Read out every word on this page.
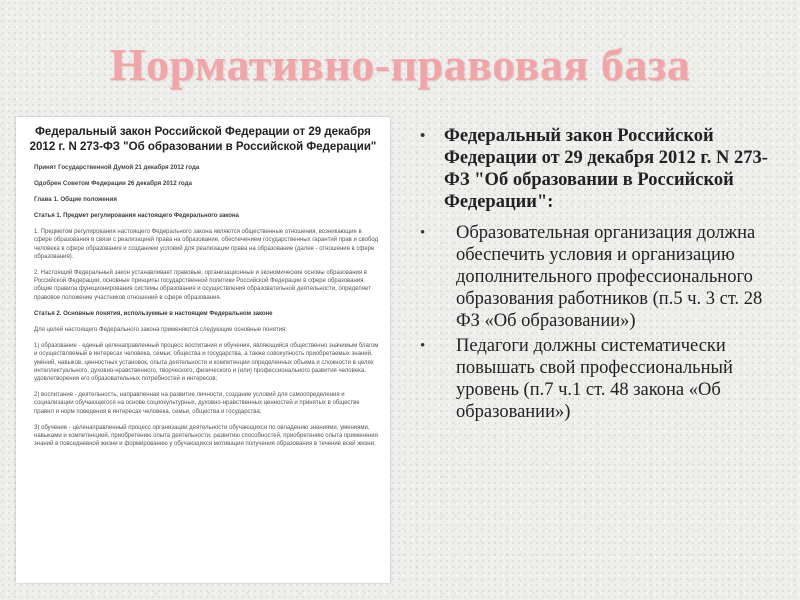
Нормативно-правовая база
Федеральный закон Российской Федерации от 29 декабря 2012 г. N 273-ФЗ "Об образовании в Российской Федерации"
Принят Государственной Думой 21 декабря 2012 года
Одобрен Советом Федерации 26 декабря 2012 года
Глава 1. Общие положения
Статья 1. Предмет регулирования настоящего Федерального закона
1. Предметом регулирования настоящего Федерального закона являются общественные отношения, возникающие в сфере образования в связи с реализацией права на образование, обеспечением государственных гарантий прав и свобод человека в сфере образования и созданием условий для реализации права на образование (далее - отношения в сфере образования).
2. Настоящий Федеральный закон устанавливает правовые, организационные и экономические основы образования в Российской Федерации, основные принципы государственной политики Российской Федерации в сфере образования, общие правила функционирования системы образования и осуществления образовательной деятельности, определяет правовое положение участников отношений в сфере образования.
Статья 2. Основные понятия, используемые в настоящем Федеральном законе
Для целей настоящего Федерального закона применяются следующие основные понятия:
1) образование - единый целенаправленный процесс воспитания и обучения, являющийся общественно значимым благом и осуществляемый в интересах человека, семьи, общества и государства, а также совокупность приобретаемых знаний, умений, навыков, ценностных установок, опыта деятельности и компетенции определенных объема и сложности в целях интеллектуального, духовно-нравственного, творческого, физического и (или) профессионального развития человека, удовлетворения его образовательных потребностей и интересов;
2) воспитание - деятельность, направленная на развитие личности, создание условий для самоопределения и социализации обучающегося на основе социокультурных, духовно-нравственных ценностей и принятых в обществе правил и норм поведения в интересах человека, семьи, общества и государства;
3) обучение - целенаправленный процесс организации деятельности обучающихся по овладению знаниями, умениями, навыками и компетенцией, приобретению опыта деятельности, развитию способностей, приобретению опыта применения знаний в повседневной жизни и формированию у обучающихся мотивации получения образования в течение всей жизни;
• Федеральный закон Российской Федерации от 29 декабря 2012 г. N 273-ФЗ "Об образовании в Российской Федерации":
• Образовательная организация должна обеспечить условия и организацию дополнительного профессионального образования работников (п.5 ч. 3 ст. 28 ФЗ «Об образовании»)
• Педагоги должны систематически повышать свой профессиональный уровень (п.7 ч.1 ст. 48 закона «Об образовании»)
